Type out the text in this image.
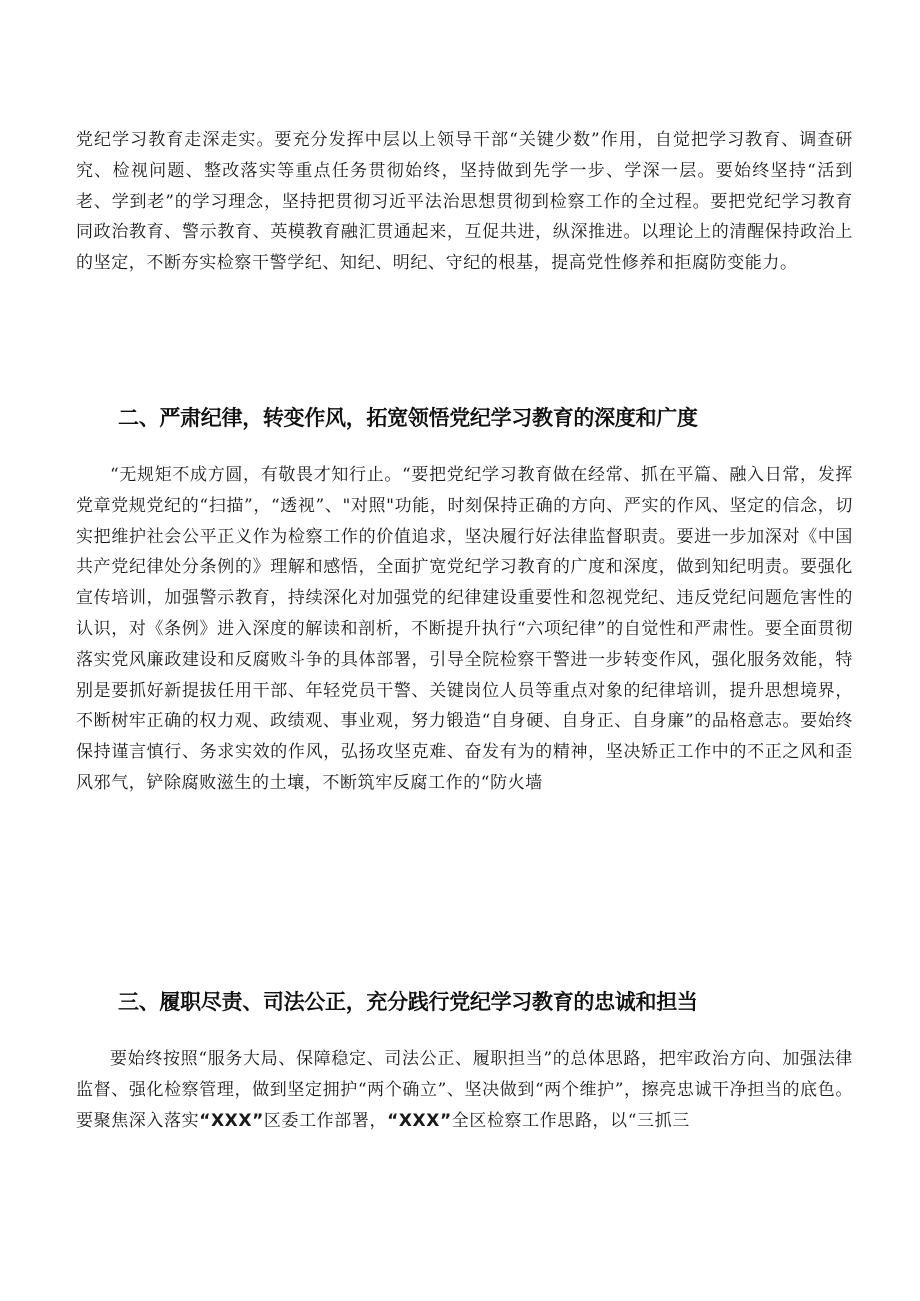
党纪学习教育走深走实。要充分发挥中层以上领导干部“关键少数”作用，自觉把学习教育、调查研究、检视问题、整改落实等重点任务贯彻始终，坚持做到先学一步、学深一层。要始终坚持“活到老、学到老”的学习理念，坚持把贯彻习近平法治思想贯彻到检察工作的全过程。要把党纪学习教育同政治教育、警示教育、英模教育融汇贯通起来，互促共进，纵深推进。以理论上的清醒保持政治上的坚定，不断夯实检察干警学纪、知纪、明纪、守纪的根基，提高党性修养和拒腐防变能力。

二、严肃纪律，转变作风，拓宽领悟党纪学习教育的深度和广度

“无规矩不成方圆，有敬畏才知行止。“要把党纪学习教育做在经常、抓在平篇、融入日常，发挥党章党规党纪的“扫描”，“透视”、"对照"功能，时刻保持正确的方向、严实的作风、坚定的信念，切实把维护社会公平正义作为检察工作的价值追求，坚决履行好法律监督职责。要进一步加深对《中国共产党纪律处分条例的》理解和感悟，全面扩宽党纪学习教育的广度和深度，做到知纪明责。要强化宣传培训，加强警示教育，持续深化对加强党的纪律建设重要性和忽视党纪、违反党纪问题危害性的认识，对《条例》进入深度的解读和剖析，不断提升执行“六项纪律”的自觉性和严肃性。要全面贯彻落实党风廉政建设和反腐败斗争的具体部署，引导全院检察干警进一步转变作风，强化服务效能，特别是要抓好新提拔任用干部、年轻党员干警、关键岗位人员等重点对象的纪律培训，提升思想境界，不断树牢正确的权力观、政绩观、事业观，努力锻造“自身硬、自身正、自身廉”的品格意志。要始终保持谨言慎行、务求实效的作风，弘扬攻坚克难、奋发有为的精神，坚决矫正工作中的不正之风和歪风邪气，铲除腐败滋生的土壤，不断筑牢反腐工作的“防火墙

三、履职尽责、司法公正，充分践行党纪学习教育的忠诚和担当

要始终按照“服务大局、保障稳定、司法公正、履职担当”的总体思路，把牢政治方向、加强法律监督、强化检察管理，做到坚定拥护“两个确立”、坚决做到“两个维护”，擦亮忠诚干净担当的底色。要聚焦深入落实“XXX”区委工作部署，“XXX”全区检察工作思路，以“三抓三
